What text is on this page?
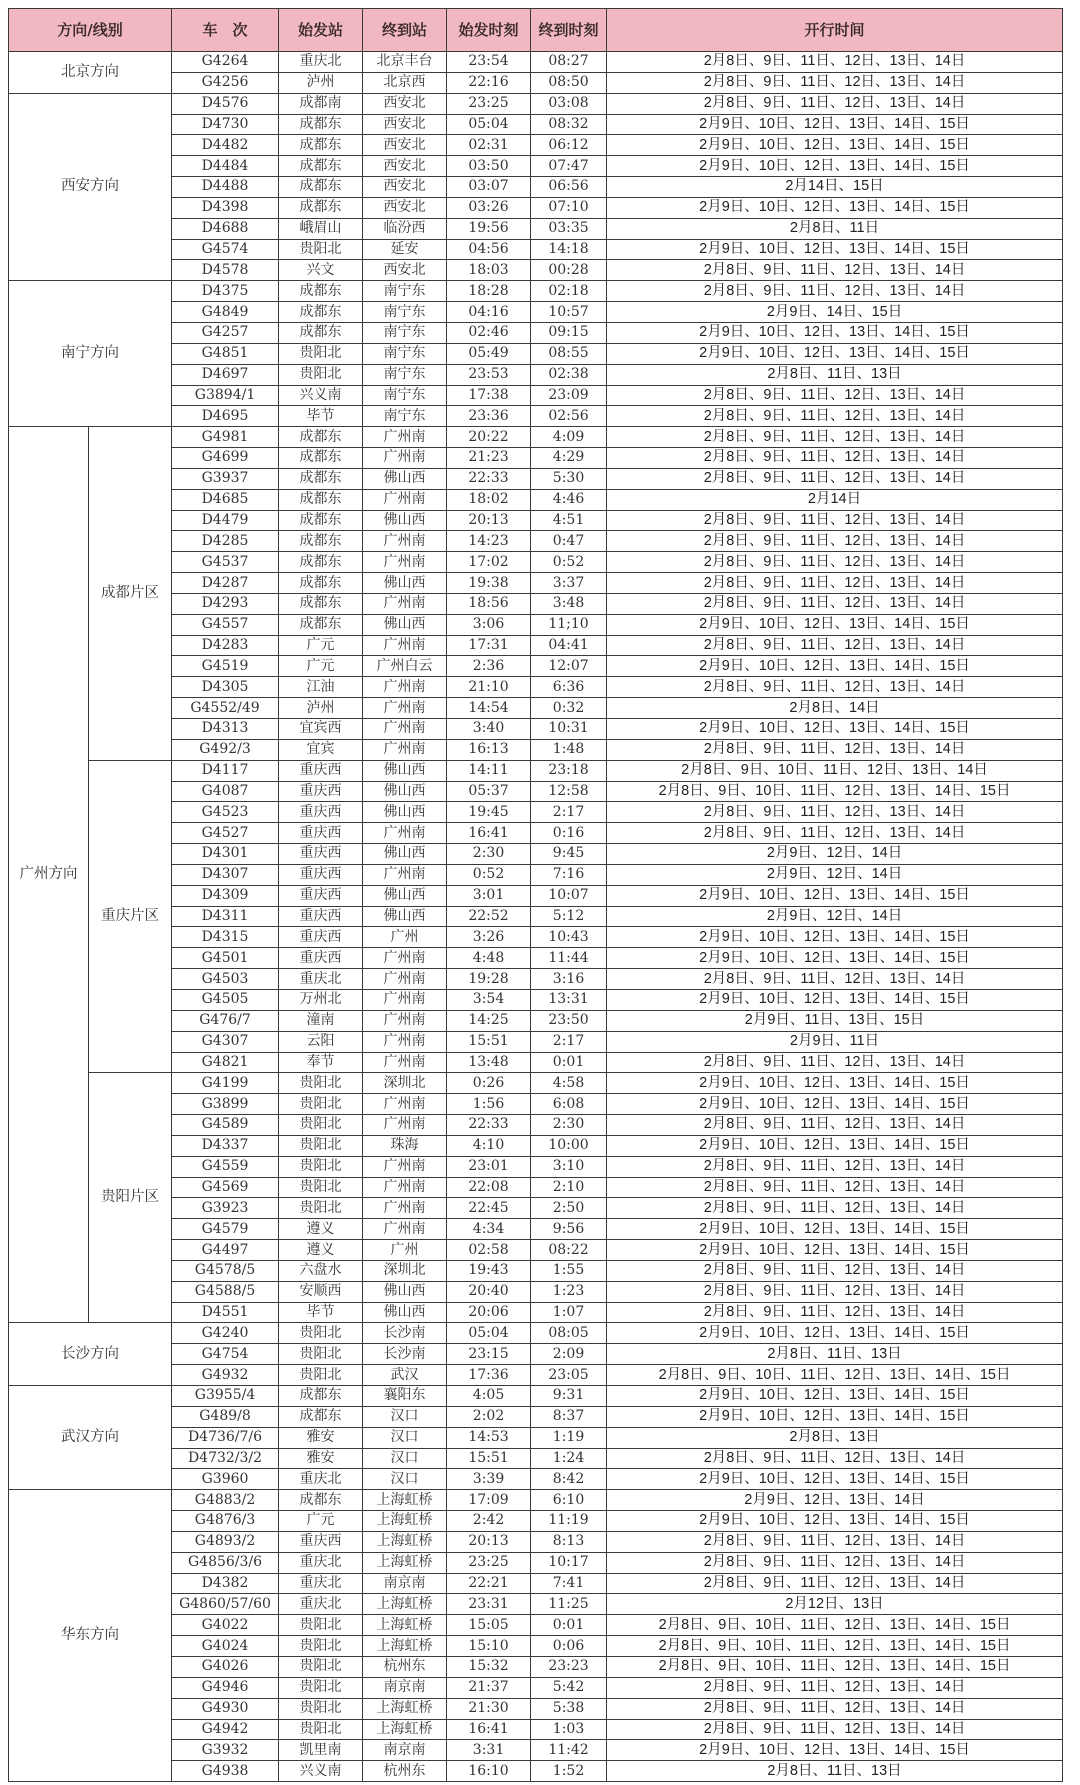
方向/线别		车　次	始发站	终到站	始发时刻	终到时刻	开行时间
北京方向		G4264	重庆北	北京丰台	23:54	08:27	2月8日、9日、11日、12日、13日、14日
		G4256	泸州	北京西	22:16	08:50	2月8日、9日、11日、12日、13日、14日
西安方向		D4576	成都南	西安北	23:25	03:08	2月8日、9日、11日、12日、13日、14日
		D4730	成都东	西安北	05:04	08:32	2月9日、10日、12日、13日、14日、15日
		D4482	成都东	西安北	02:31	06:12	2月9日、10日、12日、13日、14日、15日
		D4484	成都东	西安北	03:50	07:47	2月9日、10日、12日、13日、14日、15日
		D4488	成都东	西安北	03:07	06:56	2月14日、15日
		D4398	成都东	西安北	03:26	07:10	2月9日、10日、12日、13日、14日、15日
		D4688	峨眉山	临汾西	19:56	03:35	2月8日、11日
		G4574	贵阳北	延安	04:56	14:18	2月9日、10日、12日、13日、14日、15日
		D4578	兴文	西安北	18:03	00:28	2月8日、9日、11日、12日、13日、14日
南宁方向		D4375	成都东	南宁东	18:28	02:18	2月8日、9日、11日、12日、13日、14日
		G4849	成都东	南宁东	04:16	10:57	2月9日、14日、15日
		G4257	成都东	南宁东	02:46	09:15	2月9日、10日、12日、13日、14日、15日
		G4851	贵阳北	南宁东	05:49	08:55	2月9日、10日、12日、13日、14日、15日
		D4697	贵阳北	南宁东	23:53	02:38	2月8日、11日、13日
		G3894/1	兴义南	南宁东	17:38	23:09	2月8日、9日、11日、12日、13日、14日
		D4695	毕节	南宁东	23:36	02:56	2月8日、9日、11日、12日、13日、14日
广州方向	成都片区	G4981	成都东	广州南	20:22	4:09	2月8日、9日、11日、12日、13日、14日
		G4699	成都东	广州南	21:23	4:29	2月8日、9日、11日、12日、13日、14日
		G3937	成都东	佛山西	22:33	5:30	2月8日、9日、11日、12日、13日、14日
		D4685	成都东	广州南	18:02	4:46	2月14日
		D4479	成都东	佛山西	20:13	4:51	2月8日、9日、11日、12日、13日、14日
		D4285	成都东	广州南	14:23	0:47	2月8日、9日、11日、12日、13日、14日
		G4537	成都东	广州南	17:02	0:52	2月8日、9日、11日、12日、13日、14日
		D4287	成都东	佛山西	19:38	3:37	2月8日、9日、11日、12日、13日、14日
		D4293	成都东	广州南	18:56	3:48	2月8日、9日、11日、12日、13日、14日
		G4557	成都东	佛山西	3:06	11;10	2月9日、10日、12日、13日、14日、15日
		D4283	广元	广州南	17:31	04:41	2月8日、9日、11日、12日、13日、14日
		G4519	广元	广州白云	2:36	12:07	2月9日、10日、12日、13日、14日、15日
		D4305	江油	广州南	21:10	6:36	2月8日、9日、11日、12日、13日、14日
		G4552/49	泸州	广州南	14:54	0:32	2月8日、14日
		D4313	宜宾西	广州南	3:40	10:31	2月9日、10日、12日、13日、14日、15日
		G492/3	宜宾	广州南	16:13	1:48	2月8日、9日、11日、12日、13日、14日
	重庆片区	D4117	重庆西	佛山西	14:11	23:18	2月8日、9日、10日、11日、12日、13日、14日
		G4087	重庆西	佛山西	05:37	12:58	2月8日、9日、10日、11日、12日、13日、14日、15日
		G4523	重庆西	佛山西	19:45	2:17	2月8日、9日、11日、12日、13日、14日
		G4527	重庆西	广州南	16:41	0:16	2月8日、9日、11日、12日、13日、14日
		D4301	重庆西	佛山西	2:30	9:45	2月9日、12日、14日
		D4307	重庆西	广州南	0:52	7:16	2月9日、12日、14日
		D4309	重庆西	佛山西	3:01	10:07	2月9日、10日、12日、13日、14日、15日
		D4311	重庆西	佛山西	22:52	5:12	2月9日、12日、14日
		D4315	重庆西	广州	3:26	10:43	2月9日、10日、12日、13日、14日、15日
		G4501	重庆西	广州南	4:48	11:44	2月9日、10日、12日、13日、14日、15日
		G4503	重庆北	广州南	19:28	3:16	2月8日、9日、11日、12日、13日、14日
		G4505	万州北	广州南	3:54	13:31	2月9日、10日、12日、13日、14日、15日
		G476/7	潼南	广州南	14:25	23:50	2月9日、11日、13日、15日
		G4307	云阳	广州南	15:51	2:17	2月9日、11日
		G4821	奉节	广州南	13:48	0:01	2月8日、9日、11日、12日、13日、14日
	贵阳片区	G4199	贵阳北	深圳北	0:26	4:58	2月9日、10日、12日、13日、14日、15日
		G3899	贵阳北	广州南	1:56	6:08	2月9日、10日、12日、13日、14日、15日
		G4589	贵阳北	广州南	22:33	2:30	2月8日、9日、11日、12日、13日、14日
		D4337	贵阳北	珠海	4:10	10:00	2月9日、10日、12日、13日、14日、15日
		G4559	贵阳北	广州南	23:01	3:10	2月8日、9日、11日、12日、13日、14日
		G4569	贵阳北	广州南	22:08	2:10	2月8日、9日、11日、12日、13日、14日
		G3923	贵阳北	广州南	22:45	2:50	2月8日、9日、11日、12日、13日、14日
		G4579	遵义	广州南	4:34	9:56	2月9日、10日、12日、13日、14日、15日
		G4497	遵义	广州	02:58	08:22	2月9日、10日、12日、13日、14日、15日
		G4578/5	六盘水	深圳北	19:43	1:55	2月8日、9日、11日、12日、13日、14日
		G4588/5	安顺西	佛山西	20:40	1:23	2月8日、9日、11日、12日、13日、14日
		D4551	毕节	佛山西	20:06	1:07	2月8日、9日、11日、12日、13日、14日
长沙方向		G4240	贵阳北	长沙南	05:04	08:05	2月9日、10日、12日、13日、14日、15日
		G4754	贵阳北	长沙南	23:15	2:09	2月8日、11日、13日
		G4932	贵阳北	武汉	17:36	23:05	2月8日、9日、10日、11日、12日、13日、14日、15日
武汉方向		G3955/4	成都东	襄阳东	4:05	9:31	2月9日、10日、12日、13日、14日、15日
		G489/8	成都东	汉口	2:02	8:37	2月9日、10日、12日、13日、14日、15日
		D4736/7/6	雅安	汉口	14:53	1:19	2月8日、13日
		D4732/3/2	雅安	汉口	15:51	1:24	2月8日、9日、11日、12日、13日、14日
		G3960	重庆北	汉口	3:39	8:42	2月9日、10日、12日、13日、14日、15日
华东方向		G4883/2	成都东	上海虹桥	17:09	6:10	2月9日、12日、13日、14日
		G4876/3	广元	上海虹桥	2:42	11:19	2月9日、10日、12日、13日、14日、15日
		G4893/2	重庆西	上海虹桥	20:13	8:13	2月8日、9日、11日、12日、13日、14日
		G4856/3/6	重庆北	上海虹桥	23:25	10:17	2月8日、9日、11日、12日、13日、14日
		D4382	重庆北	南京南	22:21	7:41	2月8日、9日、11日、12日、13日、14日
		G4860/57/60	重庆北	上海虹桥	23:31	11:25	2月12日、13日
		G4022	贵阳北	上海虹桥	15:05	0:01	2月8日、9日、10日、11日、12日、13日、14日、15日
		G4024	贵阳北	上海虹桥	15:10	0:06	2月8日、9日、10日、11日、12日、13日、14日、15日
		G4026	贵阳北	杭州东	15:32	23:23	2月8日、9日、10日、11日、12日、13日、14日、15日
		G4946	贵阳北	南京南	21:37	5:42	2月8日、9日、11日、12日、13日、14日
		G4930	贵阳北	上海虹桥	21:30	5:38	2月8日、9日、11日、12日、13日、14日
		G4942	贵阳北	上海虹桥	16:41	1:03	2月8日、9日、11日、12日、13日、14日
		G3932	凯里南	南京南	3:31	11:42	2月9日、10日、12日、13日、14日、15日
		G4938	兴义南	杭州东	16:10	1:52	2月8日、11日、13日
